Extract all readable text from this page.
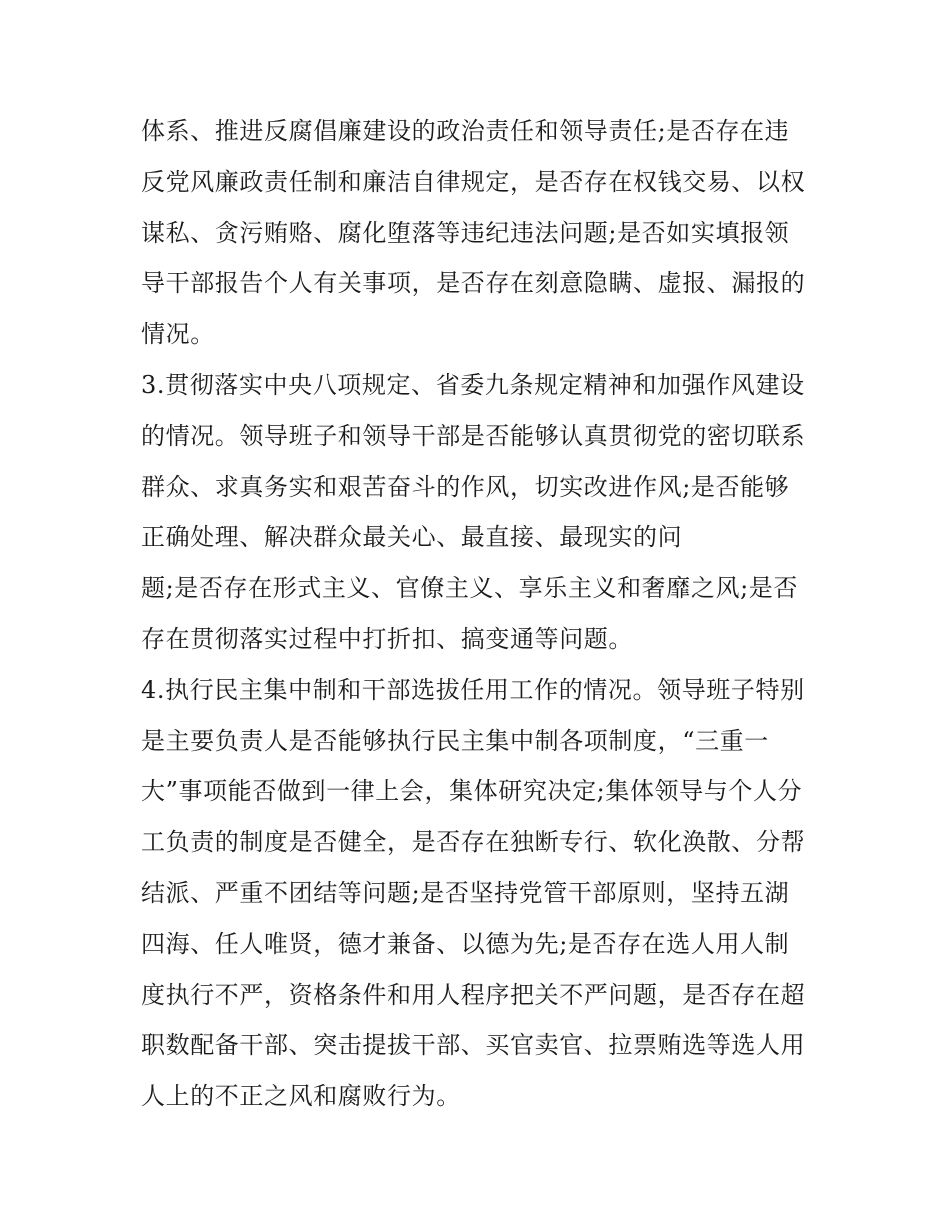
体系、推进反腐倡廉建设的政治责任和领导责任;是否存在违
反党风廉政责任制和廉洁自律规定，是否存在权钱交易、以权
谋私、贪污贿赂、腐化堕落等违纪违法问题;是否如实填报领
导干部报告个人有关事项，是否存在刻意隐瞒、虚报、漏报的
情况。
3.贯彻落实中央八项规定、省委九条规定精神和加强作风建设
的情况。领导班子和领导干部是否能够认真贯彻党的密切联系
群众、求真务实和艰苦奋斗的作风，切实改进作风;是否能够
正确处理、解决群众最关心、最直接、最现实的问
题;是否存在形式主义、官僚主义、享乐主义和奢靡之风;是否
存在贯彻落实过程中打折扣、搞变通等问题。
4.执行民主集中制和干部选拔任用工作的情况。领导班子特别
是主要负责人是否能够执行民主集中制各项制度，“三重一
大”事项能否做到一律上会，集体研究决定;集体领导与个人分
工负责的制度是否健全，是否存在独断专行、软化涣散、分帮
结派、严重不团结等问题;是否坚持党管干部原则，坚持五湖
四海、任人唯贤，德才兼备、以德为先;是否存在选人用人制
度执行不严，资格条件和用人程序把关不严问题，是否存在超
职数配备干部、突击提拔干部、买官卖官、拉票贿选等选人用
人上的不正之风和腐败行为。
